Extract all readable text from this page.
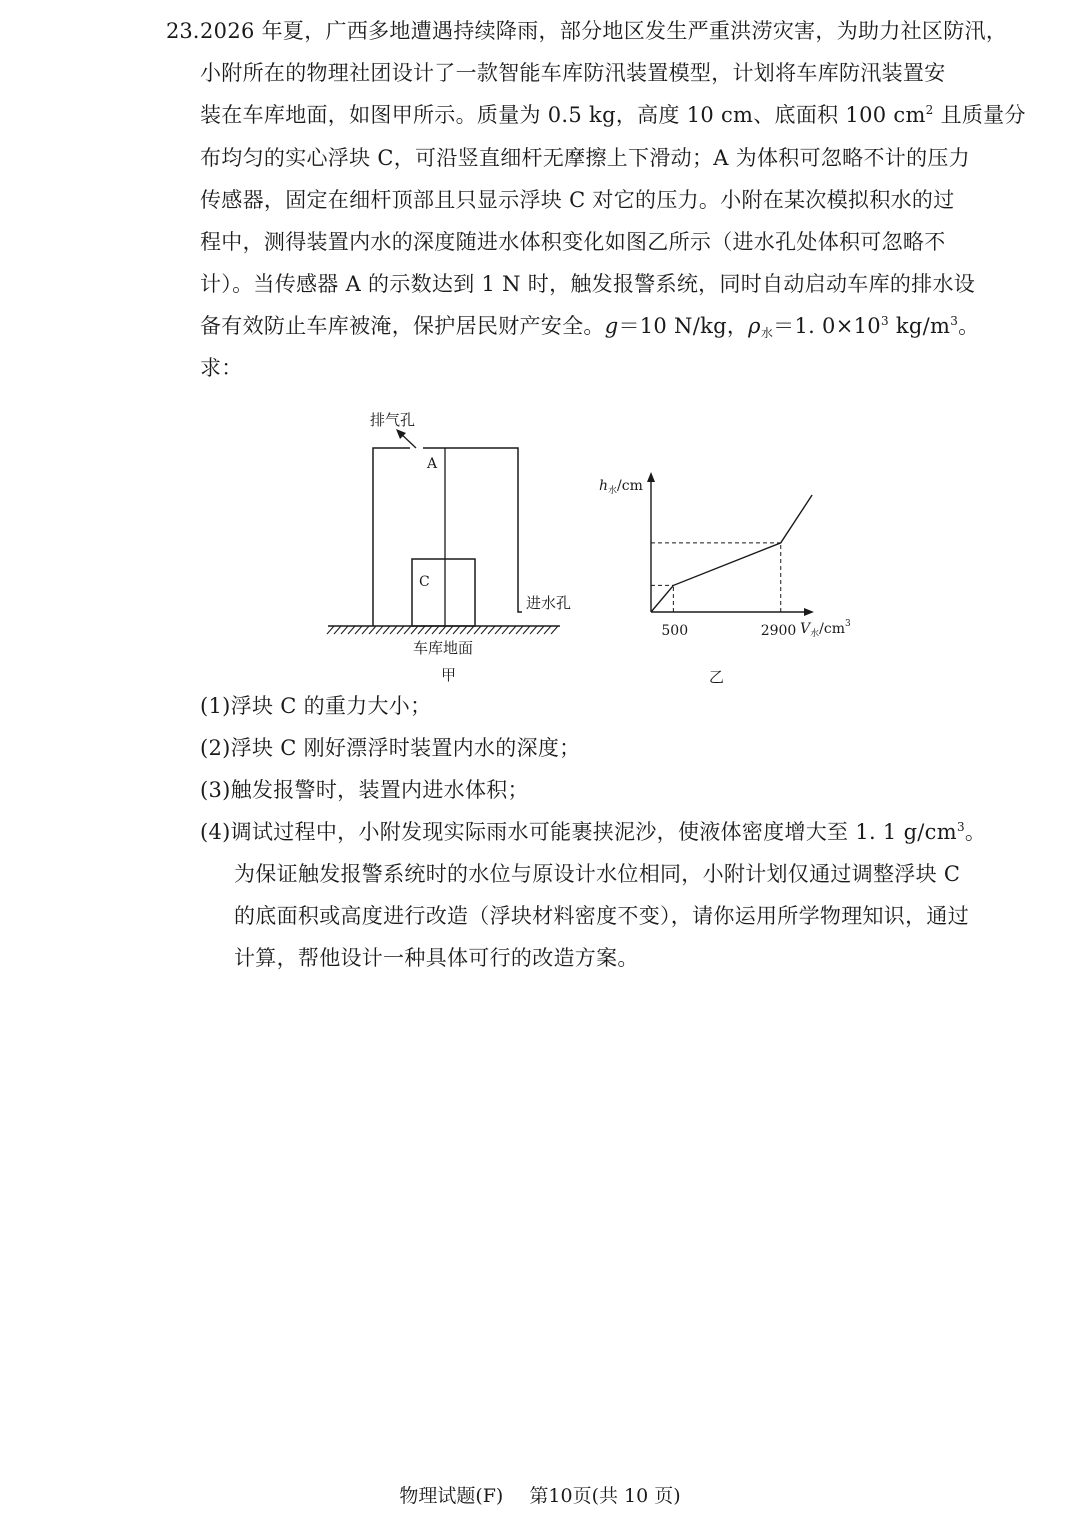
23. 2026 年夏，广西多地遭遇持续降雨，部分地区发生严重洪涝灾害，为助力社区防汛，
小附所在的物理社团设计了一款智能车库防汛装置模型，计划将车库防汛装置安
装在车库地面，如图甲所示。质量为 0.5 kg，高度 10 cm、底面积 100 $cm^2$ 且质量分
布均匀的实心浮块 C，可沿竖直细杆无摩擦上下滑动；A 为体积可忽略不计的压力
传感器，固定在细杆顶部且只显示浮块 C 对它的压力。小附在某次模拟积水的过
程中，测得装置内水的深度随进水体积变化如图乙所示（进水孔处体积可忽略不
计）。当传感器 A 的示数达到 1 N 时，触发报警系统，同时自动启动车库的排水设
备有效防止车库被淹，保护居民财产安全。g＝10 N/kg，$\rho_水=1$. $0\times 10^3$ $kg/m^3$。
求：
排气孔
A
C
进水孔
车库地面
甲
$h_水/cm$
500	2900 $V_水/cm^3$
乙
(1)浮块 C 的重力大小；
(2)浮块 C 刚好漂浮时装置内水的深度；
(3)触发报警时，装置内进水体积；
(4)调试过程中，小附发现实际雨水可能裹挟泥沙，使液体密度增大至 1. 1 $g/cm^3$。
为保证触发报警系统时的水位与原设计水位相同，小附计划仅通过调整浮块 C
的底面积或高度进行改造（浮块材料密度不变），请你运用所学物理知识，通过
计算，帮他设计一种具体可行的改造方案。
物理试题(F) 第10页(共 10 页)
